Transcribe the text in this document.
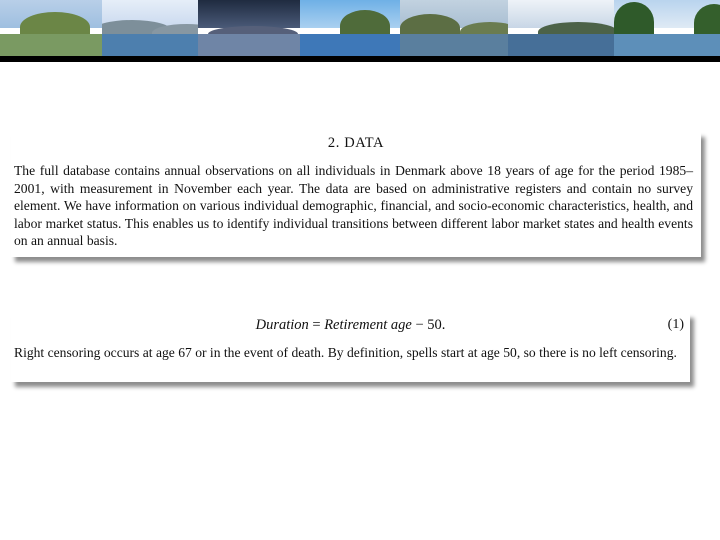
2. DATA
The full database contains annual observations on all individuals in Denmark above 18 years of age for the period 1985–2001, with measurement in November each year. The data are based on administrative registers and contain no survey element. We have information on various individual demographic, financial, and socio-economic characteristics, health, and labor market status. This enables us to identify individual transitions between different labor market states and health events on an annual basis.
Duration = Retirement age − 50.	(1)
Right censoring occurs at age 67 or in the event of death. By definition, spells start at age 50, so there is no left censoring.
